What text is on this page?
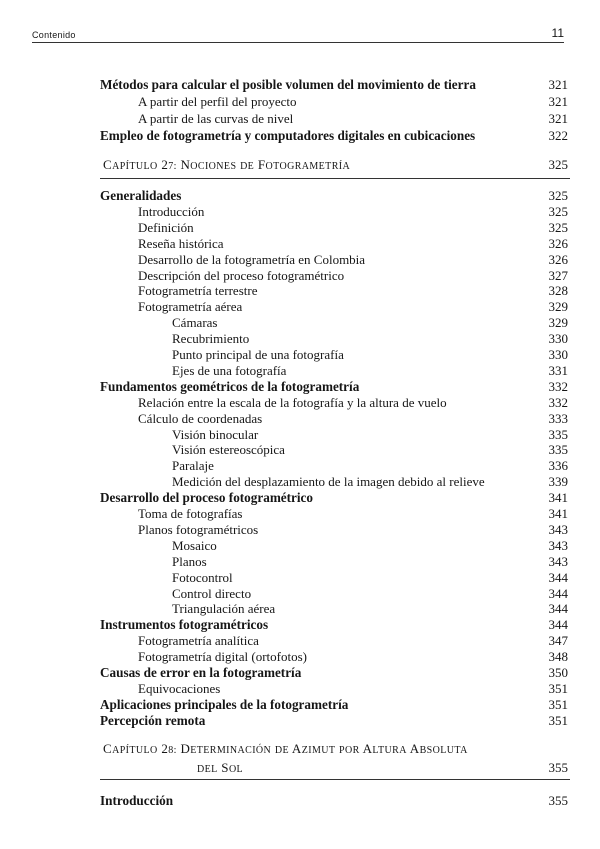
Contenido	11
Métodos para calcular el posible volumen del movimiento de tierra	321
A partir del perfil del proyecto	321
A partir de las curvas de nivel	321
Empleo de fotogrametría y computadores digitales en cubicaciones	322
CAPÍTULO 27: NOCIONES DE FOTOGRAMETRÍA	325
Generalidades	325
Introducción	325
Definición	325
Reseña histórica	326
Desarrollo de la fotogrametría en Colombia	326
Descripción del proceso fotogramétrico	327
Fotogrametría terrestre	328
Fotogrametría aérea	329
Cámaras	329
Recubrimiento	330
Punto principal de una fotografía	330
Ejes de una fotografía	331
Fundamentos geométricos de la fotogrametría	332
Relación entre la escala de la fotografía y la altura de vuelo	332
Cálculo de coordenadas	333
Visión binocular	335
Visión estereoscópica	335
Paralaje	336
Medición del desplazamiento de la imagen debido al relieve	339
Desarrollo del proceso fotogramétrico	341
Toma de fotografías	341
Planos fotogramétricos	343
Mosaico	343
Planos	343
Fotocontrol	344
Control directo	344
Triangulación aérea	344
Instrumentos fotogramétricos	344
Fotogrametría analítica	347
Fotogrametría digital (ortofotos)	348
Causas de error en la fotogrametría	350
Equivocaciones	351
Aplicaciones principales de la fotogrametría	351
Percepción remota	351
CAPÍTULO 28: DETERMINACIÓN DE AZIMUT POR ALTURA ABSOLUTA
DEL SOL	355
Introducción	355
